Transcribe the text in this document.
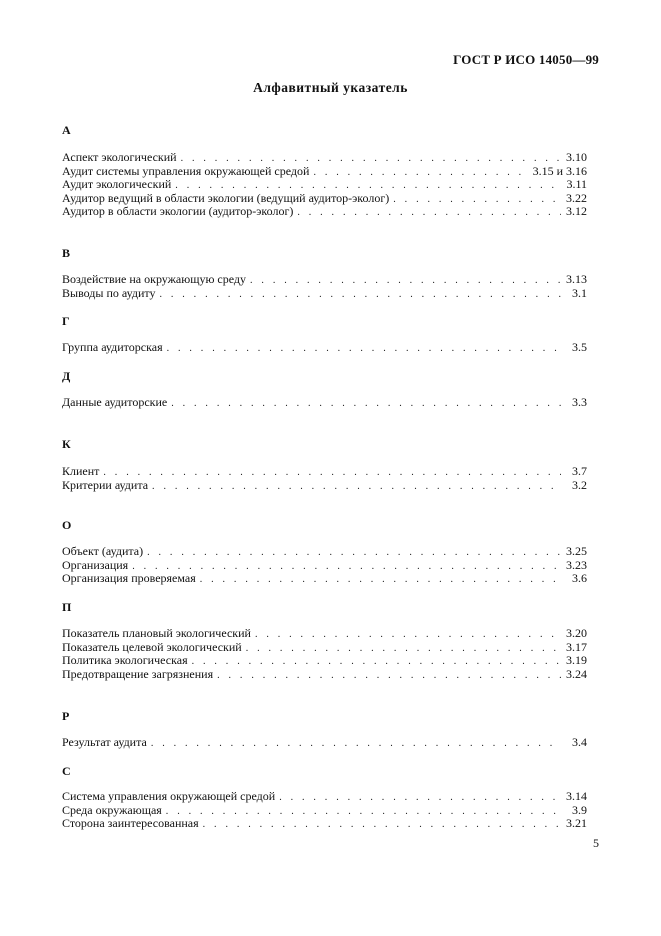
ГОСТ Р ИСО 14050—99
Алфавитный указатель
А
Аспект экологический . . .	3.10
Аудит системы управления окружающей средой . . .	3.15 и 3.16
Аудит экологический . . .	3.11
Аудитор ведущий в области экологии (ведущий аудитор-эколог) . . .	3.22
Аудитор в области экологии (аудитор-эколог) . . .	3.12
В
Воздействие на окружающую среду . . .	3.13
Выводы по аудиту . . .	3.1
Г
Группа аудиторская . . .	3.5
Д
Данные аудиторские . . .	3.3
К
Клиент . . .	3.7
Критерии аудита . . .	3.2
О
Объект (аудита) . . .	3.25
Организация . . .	3.23
Организация проверяемая . . .	3.6
П
Показатель плановый экологический . . .	3.20
Показатель целевой экологический . . .	3.17
Политика экологическая . . .	3.19
Предотвращение загрязнения . . .	3.24
Р
Результат аудита . . .	3.4
С
Система управления окружающей средой . . .	3.14
Среда окружающая . . .	3.9
Сторона заинтересованная . . .	3.21
5
